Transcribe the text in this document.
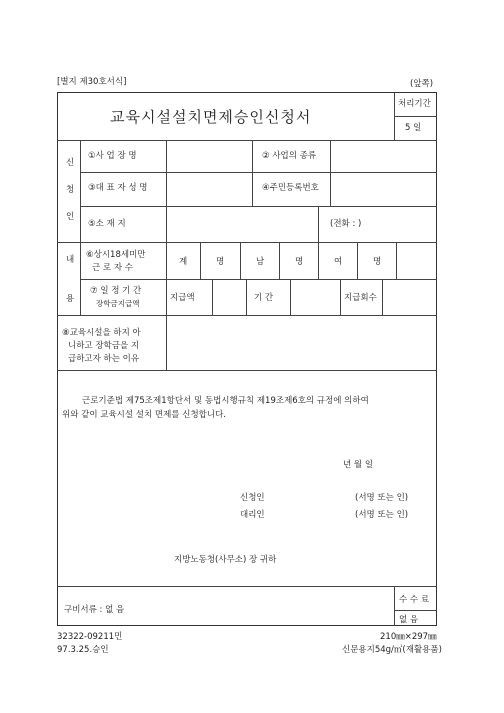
[별지 제30호서식]	(앞쪽)
교육시설설치면제승인신청서
처리기간
5 일
신
청
인
①사 업 장 명	② 사업의 종류
③대 표 자 성 명	④주민등록번호
⑤소 재 지	(전화 : )
내
용
⑥상시18세미만
근 로 자 수
계	명	남	명	여	명
⑦ 일 정 기 간
장학금지급액
지급액	기 간	지급회수
⑧교육시설을 하지 아
니하고 장학금을 지
급하고자 하는 이유
근로기준법 제75조제1항단서 및 동법시행규칙 제19조제6호의 규정에 의하여
위와 같이 교육시설 설치 면제를 신청합니다.
년 월 일
신청인	(서명 또는 인)
대리인	(서명 또는 인)
지방노동청(사무소) 장 귀하
구비서류 : 없 음
수 수 료
없 음
32322-09211민
97.3.25.승인
210㎜×297㎜
신문용지54g/㎡(재활용품)
